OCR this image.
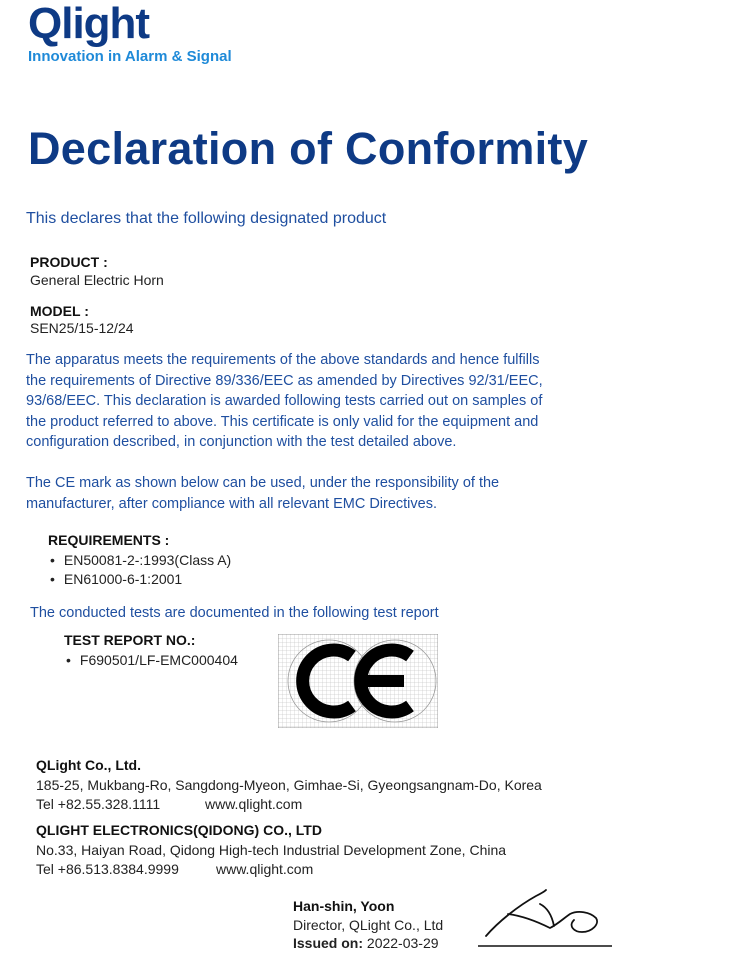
Qlight
Innovation in Alarm & Signal
Declaration of Conformity
This declares that the following designated product
PRODUCT :
General Electric Horn
MODEL :
SEN25/15-12/24
The apparatus meets the requirements of the above standards and hence fulfills
the requirements of Directive 89/336/EEC as amended by Directives 92/31/EEC,
93/68/EEC. This declaration is awarded following tests carried out on samples of
the product referred to above. This certificate is only valid for the equipment and
configuration described, in conjunction with the test detailed above.
The CE mark as shown below can be used, under the responsibility of the
manufacturer, after compliance with all relevant EMC Directives.
REQUIREMENTS :
• EN50081-2-:1993(Class A)
• EN61000-6-1:2001
The conducted tests are documented in the following test report
TEST REPORT NO.:
• F690501/LF-EMC000404
QLight Co., Ltd.
185-25, Mukbang-Ro, Sangdong-Myeon, Gimhae-Si, Gyeongsangnam-Do, Korea
Tel +82.55.328.1111	www.qlight.com
QLIGHT ELECTRONICS(QIDONG) CO., LTD
No.33, Haiyan Road, Qidong High-tech Industrial Development Zone, China
Tel +86.513.8384.9999	www.qlight.com
Han-shin, Yoon
Director, QLight Co., Ltd
Issued on: 2022-03-29
